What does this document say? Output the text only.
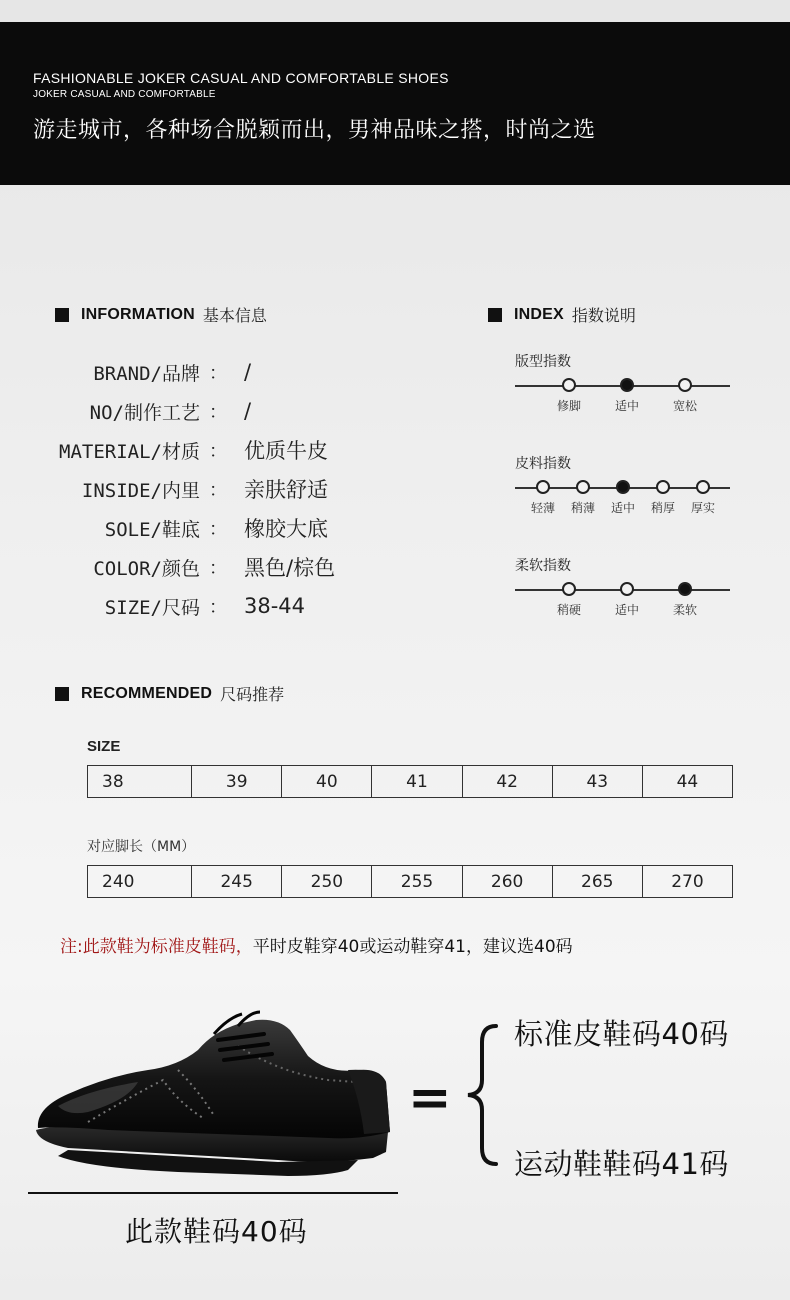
FASHIONABLE JOKER CASUAL AND COMFORTABLE SHOES
JOKER CASUAL AND COMFORTABLE
游走城市，各种场合脱颖而出，男神品味之搭，时尚之选
INFORMATION 基本信息
BRAND/品牌 ： /
NO/制作工艺 ： /
MATERIAL/材质 ： 优质牛皮
INSIDE/内里 ： 亲肤舒适
SOLE/鞋底 ： 橡胶大底
COLOR/颜色 ： 黑色/棕色
SIZE/尺码 ： 38-44
INDEX 指数说明
版型指数
修脚	适中	宽松
皮料指数
轻薄 稍薄 适中 稍厚 厚实
柔软指数
稍硬	适中	柔软
RECOMMENDED 尺码推荐
SIZE
38	39	40	41	42	43	44
对应脚长（MM）
240	245	250	255	260	265	270
注:此款鞋为标准皮鞋码，平时皮鞋穿40或运动鞋穿41，建议选40码
此款鞋码40码
=
标准皮鞋码40码
运动鞋鞋码41码
